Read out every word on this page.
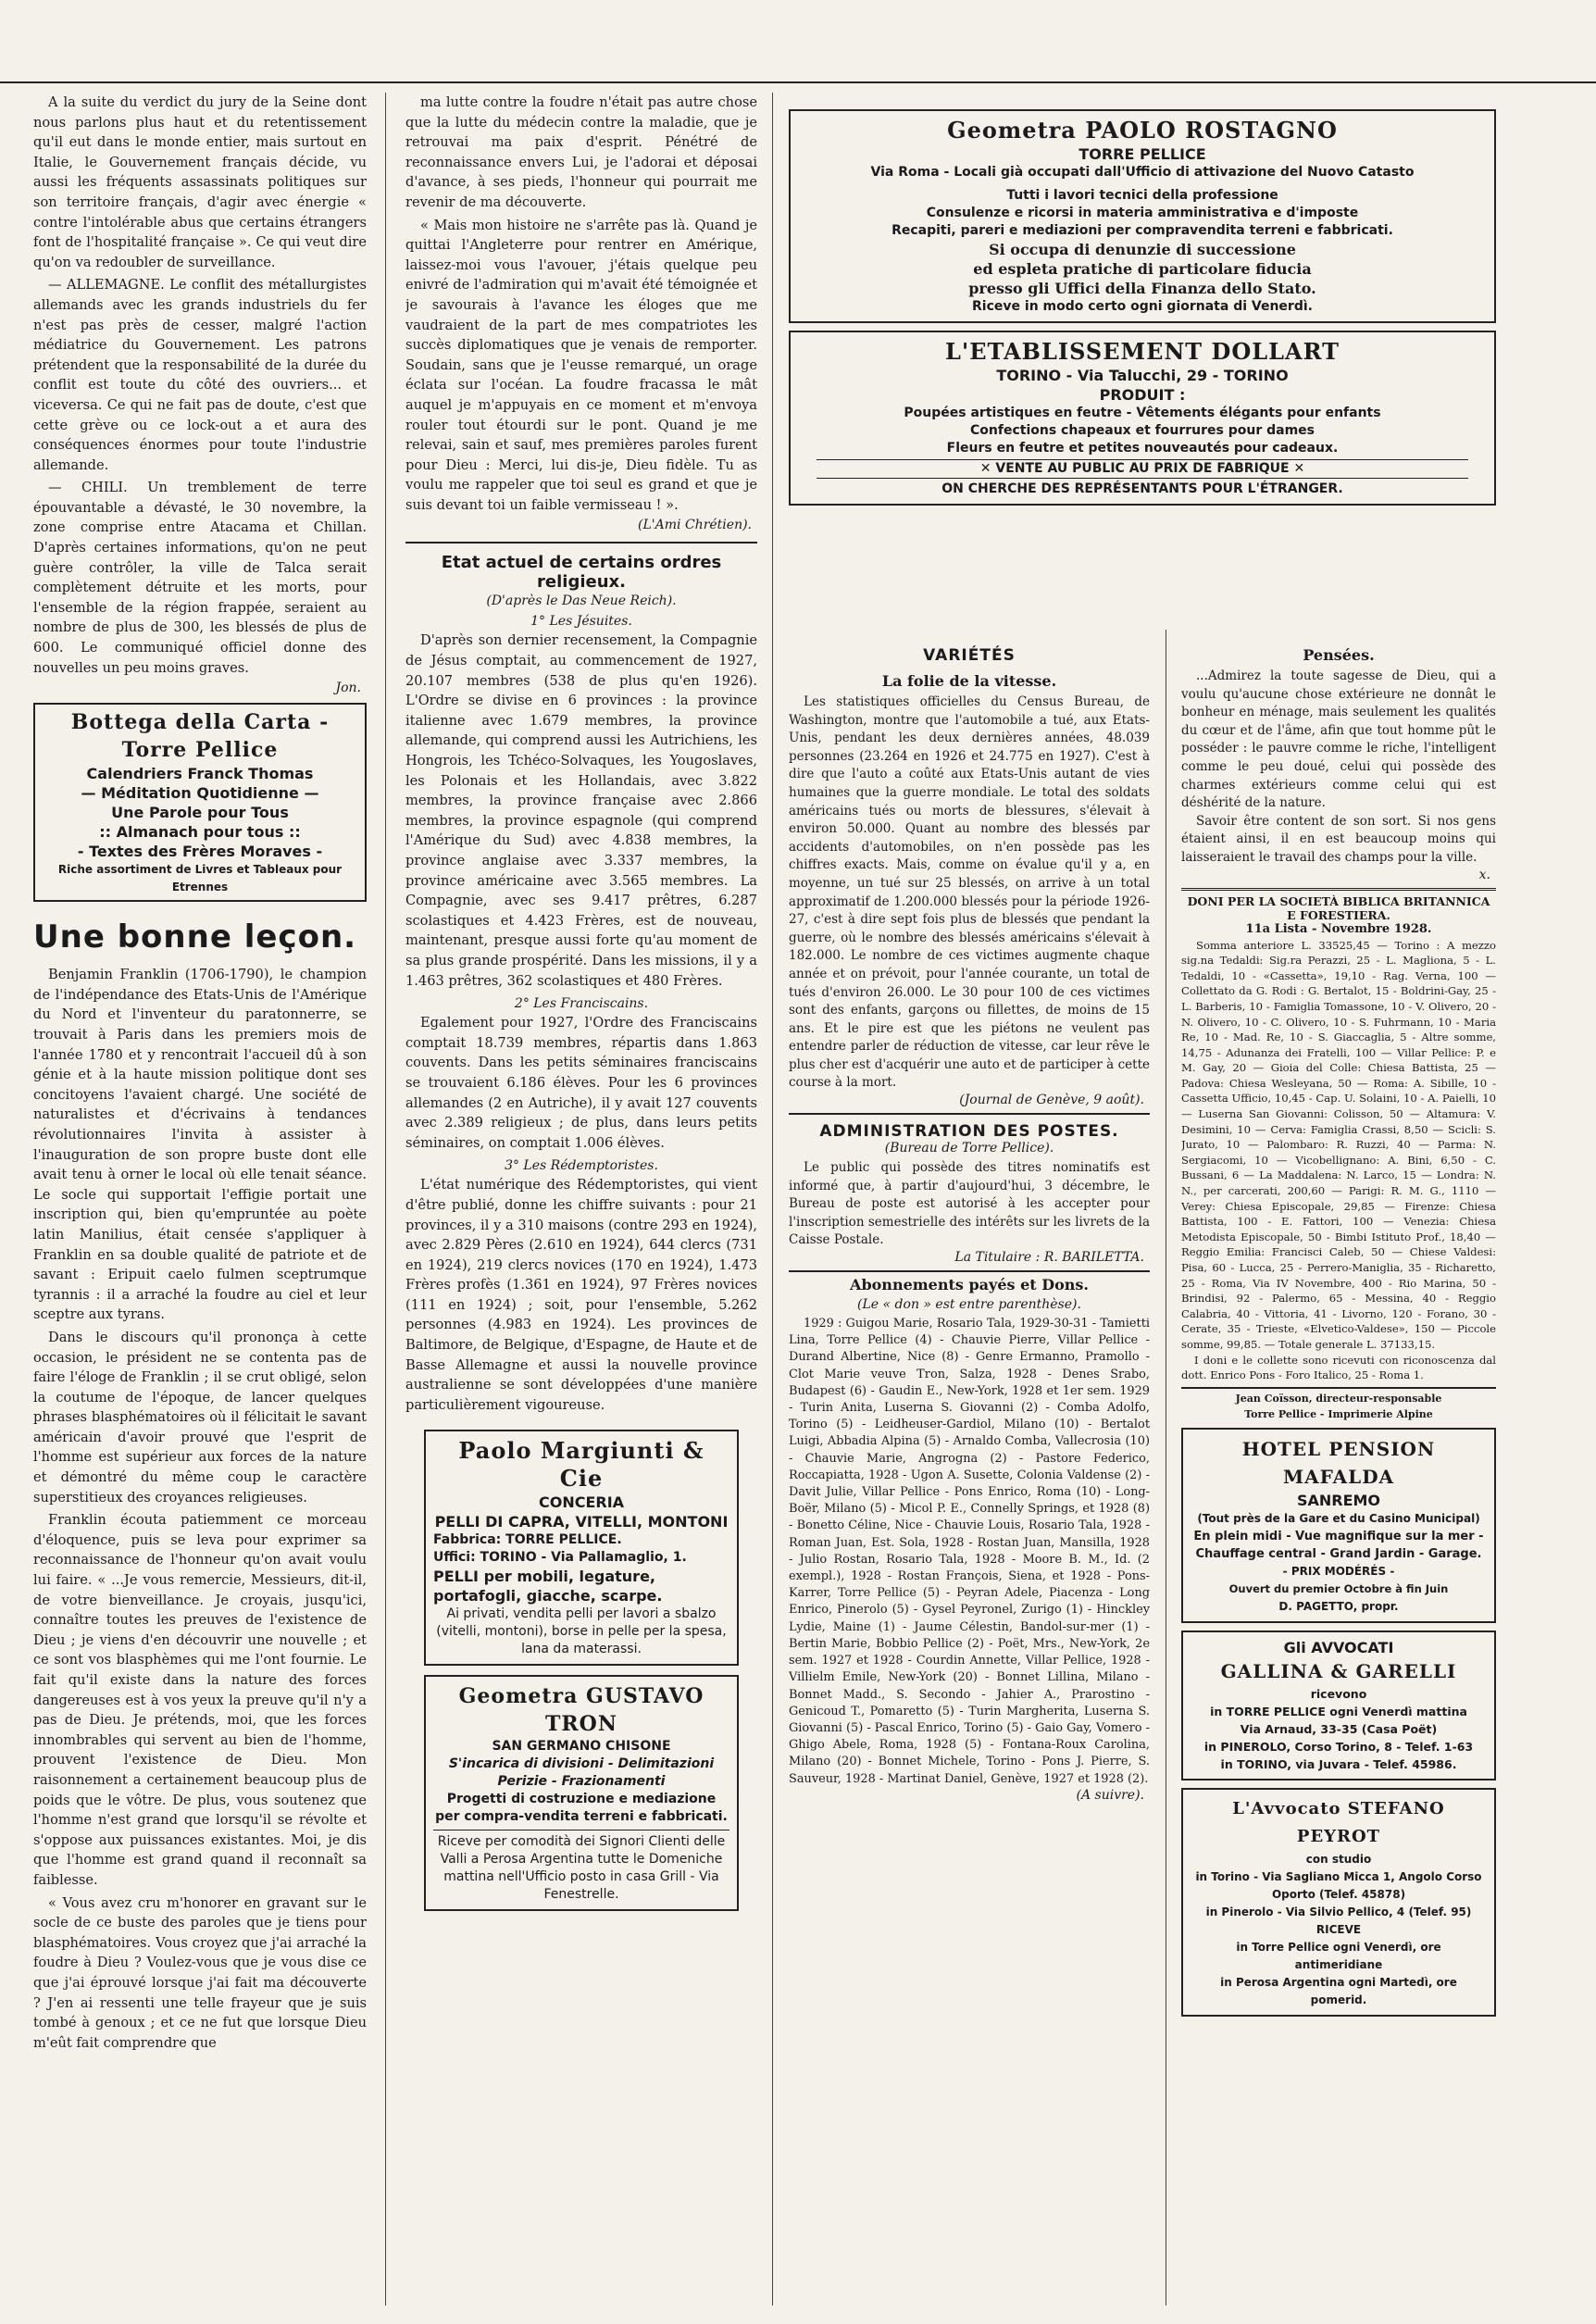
A la suite du verdict du jury de la Seine dont nous parlons plus haut et du retentissement qu'il eut dans le monde entier, mais surtout en Italie, le Gouvernement français décide, vu aussi les fréquents assassinats politiques sur son territoire français, d'agir avec énergie « contre l'intolérable abus que certains étrangers font de l'hospitalité française ». Ce qui veut dire qu'on va redoubler de surveillance.

— ALLEMAGNE. Le conflit des métallurgistes allemands avec les grands industriels du fer n'est pas près de cesser, malgré l'action médiatrice du Gouvernement. Les patrons prétendent que la responsabilité de la durée du conflit est toute du côté des ouvriers... et viceversa. Ce qui ne fait pas de doute, c'est que cette grève ou ce lock-out a et aura des conséquences énormes pour toute l'industrie allemande.

— CHILI. Un tremblement de terre épouvantable a dévasté, le 30 novembre, la zone comprise entre Atacama et Chillan. D'après certaines informations, qu'on ne peut guère contrôler, la ville de Talca serait complètement détruite et les morts, pour l'ensemble de la région frappée, seraient au nombre de plus de 300, les blessés de plus de 600. Le communiqué officiel donne des nouvelles un peu moins graves.

Jon.
Bottega della Carta - Torre Pellice
Calendriers Franck Thomas
— Méditation Quotidienne —
Une Parole pour Tous
:: Almanach pour tous ::
- Textes des Frères Moraves -
Riche assortiment de Livres et Tableaux pour Etrennes
Une bonne leçon.

Benjamin Franklin (1706-1790), le champion de l'indépendance des Etats-Unis de l'Amérique du Nord et l'inventeur du paratonnerre, se trouvait à Paris dans les premiers mois de l'année 1780 et y rencontrait l'accueil dû à son génie et à la haute mission politique dont ses concitoyens l'avaient chargé. Une société de naturalistes et d'écrivains à tendances révolutionnaires l'invita à assister à l'inauguration de son propre buste dont elle avait tenu à orner le local où elle tenait séance. Le socle qui supportait l'effigie portait une inscription qui, bien qu'empruntée au poète latin Manilius, était censée s'appliquer à Franklin en sa double qualité de patriote et de savant : Eripuit caelo fulmen sceptrumque tyrannis : il a arraché la foudre au ciel et leur sceptre aux tyrans.

Dans le discours qu'il prononça à cette occasion, le président ne se contenta pas de faire l'éloge de Franklin ; il se crut obligé, selon la coutume de l'époque, de lancer quelques phrases blasphématoires où il félicitait le savant américain d'avoir prouvé que l'esprit de l'homme est supérieur aux forces de la nature et démontré du même coup le caractère superstitieux des croyances religieuses.

Franklin écouta patiemment ce morceau d'éloquence, puis se leva pour exprimer sa reconnaissance de l'honneur qu'on avait voulu lui faire. « ...Je vous remercie, Messieurs, dit-il, de votre bienveillance. Je croyais, jusqu'ici, connaître toutes les preuves de l'existence de Dieu ; je viens d'en découvrir une nouvelle ; et ce sont vos blasphèmes qui me l'ont fournie. Le fait qu'il existe dans la nature des forces dangereuses est à vos yeux la preuve qu'il n'y a pas de Dieu. Je prétends, moi, que les forces innombrables qui servent au bien de l'homme, prouvent l'existence de Dieu. Mon raisonnement a certainement beaucoup plus de poids que le vôtre. De plus, vous soutenez que l'homme n'est grand que lorsqu'il se révolte et s'oppose aux puissances existantes. Moi, je dis que l'homme est grand quand il reconnaît sa faiblesse.

« Vous avez cru m'honorer en gravant sur le socle de ce buste des paroles que je tiens pour blasphématoires. Vous croyez que j'ai arraché la foudre à Dieu ? Voulez-vous que je vous dise ce que j'ai éprouvé lorsque j'ai fait ma découverte ? J'en ai ressenti une telle frayeur que je suis tombé à genoux ; et ce ne fut que lorsque Dieu m'eût fait comprendre que

ma lutte contre la foudre n'était pas autre chose que la lutte du médecin contre la maladie, que je retrouvai ma paix d'esprit. Pénétré de reconnaissance envers Lui, je l'adorai et déposai d'avance, à ses pieds, l'honneur qui pourrait me revenir de ma découverte.

« Mais mon histoire ne s'arrête pas là. Quand je quittai l'Angleterre pour rentrer en Amérique, laissez-moi vous l'avouer, j'étais quelque peu enivré de l'admiration qui m'avait été témoignée et je savourais à l'avance les éloges que me vaudraient de la part de mes compatriotes les succès diplomatiques que je venais de remporter. Soudain, sans que je l'eusse remarqué, un orage éclata sur l'océan. La foudre fracassa le mât auquel je m'appuyais en ce moment et m'envoya rouler tout étourdi sur le pont. Quand je me relevai, sain et sauf, mes premières paroles furent pour Dieu : Merci, lui dis-je, Dieu fidèle. Tu as voulu me rappeler que toi seul es grand et que je suis devant toi un faible vermisseau ! ».

(L'Ami Chrétien).
Etat actuel de certains ordres religieux.
(D'après le Das Neue Reich).
1° Les Jésuites.

D'après son dernier recensement, la Compagnie de Jésus comptait, au commencement de 1927, 20.107 membres (538 de plus qu'en 1926). L'Ordre se divise en 6 provinces : la province italienne avec 1.679 membres, la province allemande, qui comprend aussi les Autrichiens, les Hongrois, les Tchéco-Solvaques, les Yougoslaves, les Polonais et les Hollandais, avec 3.822 membres, la province française avec 2.866 membres, la province espagnole (qui comprend l'Amérique du Sud) avec 4.838 membres, la province anglaise avec 3.337 membres, la province américaine avec 3.565 membres. La Compagnie, avec ses 9.417 prêtres, 6.287 scolastiques et 4.423 Frères, est de nouveau, maintenant, presque aussi forte qu'au moment de sa plus grande prospérité. Dans les missions, il y a 1.463 prêtres, 362 scolastiques et 480 Frères.

2° Les Franciscains.

Egalement pour 1927, l'Ordre des Franciscains comptait 18.739 membres, répartis dans 1.863 couvents. Dans les petits séminaires franciscains se trouvaient 6.186 élèves. Pour les 6 provinces allemandes (2 en Autriche), il y avait 127 couvents avec 2.389 religieux ; de plus, dans leurs petits séminaires, on comptait 1.006 élèves.

3° Les Rédemptoristes.

L'état numérique des Rédemptoristes, qui vient d'être publié, donne les chiffre suivants : pour 21 provinces, il y a 310 maisons (contre 293 en 1924), avec 2.829 Pères (2.610 en 1924), 644 clercs (731 en 1924), 219 clercs novices (170 en 1924), 1.473 Frères profès (1.361 en 1924), 97 Frères novices (111 en 1924) ; soit, pour l'ensemble, 5.262 personnes (4.983 en 1924). Les provinces de Baltimore, de Belgique, d'Espagne, de Haute et de Basse Allemagne et aussi la nouvelle province australienne se sont développées d'une manière particulièrement vigoureuse.

Paolo Margiunti & Cie
CONCERIA
PELLI DI CAPRA, VITELLI, MONTONI
Fabbrica: TORRE PELLICE.
Uffici: TORINO - Via Pallamaglio, 1.
PELLI per mobili, legature, portafogli, giacche, scarpe.
Ai privati, vendita pelli per lavori a sbalzo (vitelli, montoni), borse in pelle per la spesa, lana da materassi.
Geometra GUSTAVO TRON
SAN GERMANO CHISONE
S'incarica di divisioni - Delimitazioni
Perizie - Frazionamenti
Progetti di costruzione e mediazione per compra-vendita terreni e fabbricati.
Riceve per comodità dei Signori Clienti delle Valli a Perosa Argentina tutte le Domeniche mattina nell'Ufficio posto in casa Grill - Via Fenestrelle.
Geometra PAOLO ROSTAGNO
TORRE PELLICE
Via Roma - Locali già occupati dall'Ufficio di attivazione del Nuovo Catasto
Tutti i lavori tecnici della professione
Consulenze e ricorsi in materia amministrativa e d'imposte
Recapiti, pareri e mediazioni per compravendita terreni e fabbricati.
Si occupa di denunzie di successione
ed espleta pratiche di particolare fiducia
presso gli Uffici della Finanza dello Stato.
Riceve in modo certo ogni giornata di Venerdì.
L'ETABLISSEMENT DOLLART
TORINO - Via Talucchi, 29 - TORINO
PRODUIT :
Poupées artistiques en feutre - Vêtements élégants pour enfants
Confections chapeaux et fourrures pour dames
Fleurs en feutre et petites nouveautés pour cadeaux.
✕ VENTE AU PUBLIC AU PRIX DE FABRIQUE ✕
ON CHERCHE DES REPRÉSENTANTS POUR L'ÉTRANGER.
VARIÉTÉS
La folie de la vitesse.

Les statistiques officielles du Census Bureau, de Washington, montre que l'automobile a tué, aux Etats-Unis, pendant les deux dernières années, 48.039 personnes (23.264 en 1926 et 24.775 en 1927). C'est à dire que l'auto a coûté aux Etats-Unis autant de vies humaines que la guerre mondiale. Le total des soldats américains tués ou morts de blessures, s'élevait à environ 50.000. Quant au nombre des blessés par accidents d'automobiles, on n'en possède pas les chiffres exacts. Mais, comme on évalue qu'il y a, en moyenne, un tué sur 25 blessés, on arrive à un total approximatif de 1.200.000 blessés pour la période 1926-27, c'est à dire sept fois plus de blessés que pendant la guerre, où le nombre des blessés américains s'élevait à 182.000. Le nombre de ces victimes augmente chaque année et on prévoit, pour l'année courante, un total de tués d'environ 26.000. Le 30 pour 100 de ces victimes sont des enfants, garçons ou fillettes, de moins de 15 ans. Et le pire est que les piétons ne veulent pas entendre parler de réduction de vitesse, car leur rêve le plus cher est d'acquérir une auto et de participer à cette course à la mort.

(Journal de Genève, 9 août).
ADMINISTRATION DES POSTES.
(Bureau de Torre Pellice).

Le public qui possède des titres nominatifs est informé que, à partir d'aujourd'hui, 3 décembre, le Bureau de poste est autorisé à les accepter pour l'inscription semestrielle des intérêts sur les livrets de la Caisse Postale.

La Titulaire : R. BARILETTA.
Abonnements payés et Dons.
(Le « don » est entre parenthèse).

1929 : Guigou Marie, Rosario Tala, 1929-30-31 - Tamietti Lina, Torre Pellice (4) - Chauvie Pierre, Villar Pellice - Durand Albertine, Nice (8) - Genre Ermanno, Pramollo - Clot Marie veuve Tron, Salza, 1928 - Denes Srabo, Budapest (6) - Gaudin E., New-York, 1928 et 1er sem. 1929 - Turin Anita, Luserna S. Giovanni (2) - Comba Adolfo, Torino (5) - Leidheuser-Gardiol, Milano (10) - Bertalot Luigi, Abbadia Alpina (5) - Arnaldo Comba, Vallecrosia (10) - Chauvie Marie, Angrogna (2) - Pastore Federico, Roccapiatta, 1928 - Ugon A. Susette, Colonia Valdense (2) - Davit Julie, Villar Pellice - Pons Enrico, Roma (10) - Long-Boër, Milano (5) - Micol P. E., Connelly Springs, et 1928 (8) - Bonetto Céline, Nice - Chauvie Louis, Rosario Tala, 1928 - Roman Juan, Est. Sola, 1928 - Rostan Juan, Mansilla, 1928 - Julio Rostan, Rosario Tala, 1928 - Moore B. M., Id. (2 exempl.), 1928 - Rostan François, Siena, et 1928 - Pons-Karrer, Torre Pellice (5) - Peyran Adele, Piacenza - Long Enrico, Pinerolo (5) - Gysel Peyronel, Zurigo (1) - Hinckley Lydie, Maine (1) - Jaume Célestin, Bandol-sur-mer (1) - Bertin Marie, Bobbio Pellice (2) - Poët, Mrs., New-York, 2e sem. 1927 et 1928 - Courdin Annette, Villar Pellice, 1928 - Villielm Emile, New-York (20) - Bonnet Lillina, Milano - Bonnet Madd., S. Secondo - Jahier A., Prarostino - Genicoud T., Pomaretto (5) - Turin Margherita, Luserna S. Giovanni (5) - Pascal Enrico, Torino (5) - Gaio Gay, Vomero - Ghigo Abele, Roma, 1928 (5) - Fontana-Roux Carolina, Milano (20) - Bonnet Michele, Torino - Pons J. Pierre, S. Sauveur, 1928 - Martinat Daniel, Genève, 1927 et 1928 (2).

(A suivre).
Pensées.

...Admirez la toute sagesse de Dieu, qui a voulu qu'aucune chose extérieure ne donnât le bonheur en ménage, mais seulement les qualités du cœur et de l'âme, afin que tout homme pût le posséder : le pauvre comme le riche, l'intelligent comme le peu doué, celui qui possède des charmes extérieurs comme celui qui est déshérité de la nature.

Savoir être content de son sort. Si nos gens étaient ainsi, il en est beaucoup moins qui laisseraient le travail des champs pour la ville.

x.
DONI PER LA SOCIETÀ BIBLICA BRITANNICA E FORESTIERA.
11a Lista - Novembre 1928.

Somma anteriore L. 33525,45 — Torino : A mezzo sig.na Tedaldi: Sig.ra Perazzi, 25 - L. Magliona, 5 - L. Tedaldi, 10 - «Cassetta», 19,10 - Rag. Verna, 100 — Collettato da G. Rodi : G. Bertalot, 15 - Boldrini-Gay, 25 - L. Barberis, 10 - Famiglia Tomassone, 10 - V. Olivero, 20 - N. Olivero, 10 - C. Olivero, 10 - S. Fuhrmann, 10 - Maria Re, 10 - Mad. Re, 10 - S. Giaccaglia, 5 - Altre somme, 14,75 - Adunanza dei Fratelli, 100 — Villar Pellice: P. e M. Gay, 20 — Gioia del Colle: Chiesa Battista, 25 — Padova: Chiesa Wesleyana, 50 — Roma: A. Sibille, 10 - Cassetta Ufficio, 10,45 - Cap. U. Solaini, 10 - A. Paielli, 10 — Luserna San Giovanni: Colisson, 50 — Altamura: V. Desimini, 10 — Cerva: Famiglia Crassi, 8,50 — Scicli: S. Jurato, 10 — Palombaro: R. Ruzzi, 40 — Parma: N. Sergiacomi, 10 — Vicobellignano: A. Bini, 6,50 - C. Bussani, 6 — La Maddalena: N. Larco, 15 — Londra: N. N., per carcerati, 200,60 — Parigi: R. M. G., 1110 — Verey: Chiesa Episcopale, 29,85 — Firenze: Chiesa Battista, 100 - E. Fattori, 100 — Venezia: Chiesa Metodista Episcopale, 50 - Bimbi Istituto Prof., 18,40 — Reggio Emilia: Francisci Caleb, 50 — Chiese Valdesi: Pisa, 60 - Lucca, 25 - Perrero-Maniglia, 35 - Richaretto, 25 - Roma, Via IV Novembre, 400 - Rio Marina, 50 - Brindisi, 92 - Palermo, 65 - Messina, 40 - Reggio Calabria, 40 - Vittoria, 41 - Livorno, 120 - Forano, 30 - Cerate, 35 - Trieste, «Elvetico-Valdese», 150 — Piccole somme, 99,85. — Totale generale L. 37133,15.

I doni e le collette sono ricevuti con riconoscenza dal dott. Enrico Pons - Foro Italico, 25 - Roma 1.

Jean Coïsson, directeur-responsable
Torre Pellice - Imprimerie Alpine
HOTEL PENSION MAFALDA
SANREMO
(Tout près de la Gare et du Casino Municipal)
En plein midi - Vue magnifique sur la mer - Chauffage central - Grand Jardin - Garage.
- PRIX MODÉRÉS -
Ouvert du premier Octobre à fin Juin
D. PAGETTO, propr.
Gli AVVOCATI
GALLINA & GARELLI
ricevono
in TORRE PELLICE ogni Venerdì mattina
Via Arnaud, 33-35 (Casa Poët)
in PINEROLO, Corso Torino, 8 - Telef. 1-63
in TORINO, via Juvara - Telef. 45986.
L'Avvocato STEFANO PEYROT
con studio
in Torino - Via Sagliano Micca 1, Angolo Corso Oporto (Telef. 45878)
in Pinerolo - Via Silvio Pellico, 4 (Telef. 95)
RICEVE
in Torre Pellice ogni Venerdì, ore antimeridiane
in Perosa Argentina ogni Martedì, ore pomerid.
